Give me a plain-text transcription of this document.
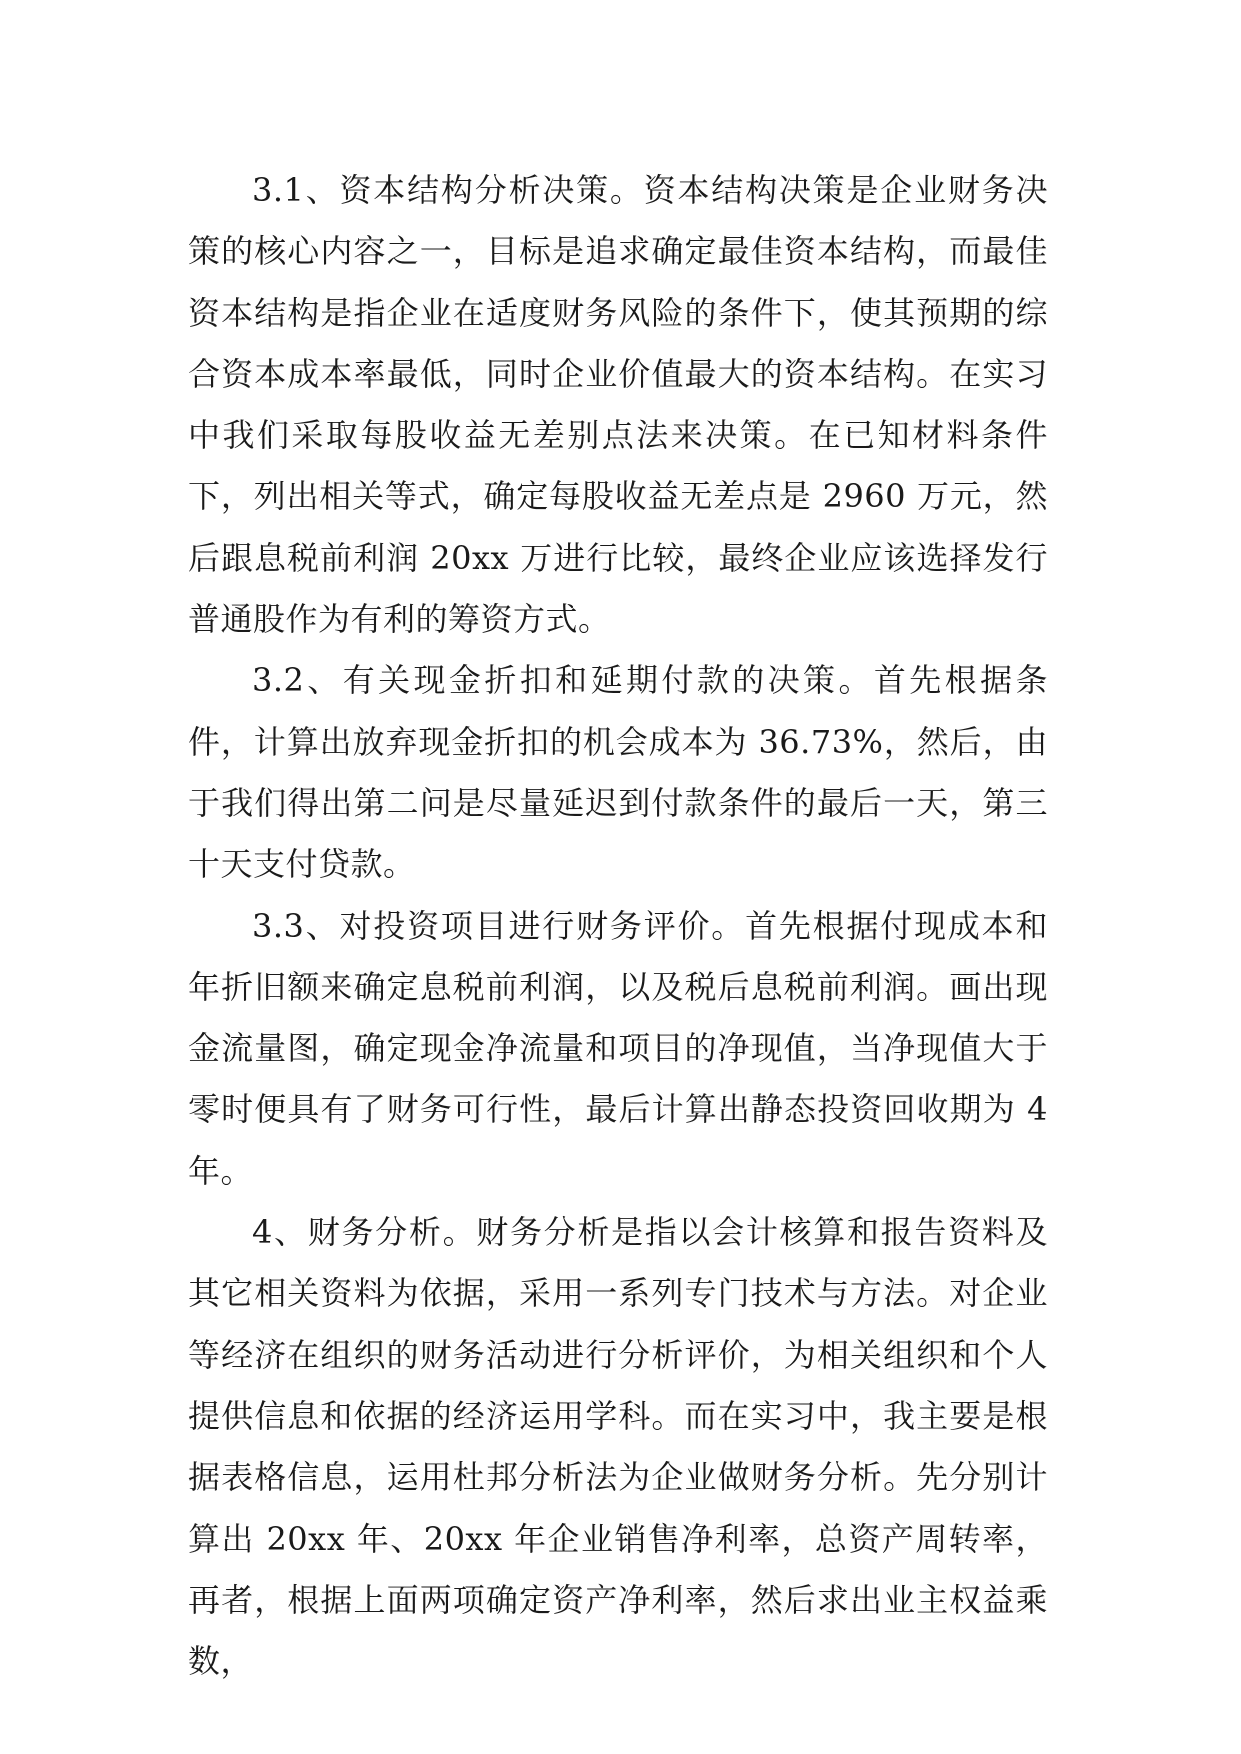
3.1、资本结构分析决策。资本结构决策是企业财务决策的核心内容之一，目标是追求确定最佳资本结构，而最佳资本结构是指企业在适度财务风险的条件下，使其预期的综合资本成本率最低，同时企业价值最大的资本结构。在实习中我们采取每股收益无差别点法来决策。在已知材料条件下，列出相关等式，确定每股收益无差点是 2960 万元，然后跟息税前利润 20xx 万进行比较，最终企业应该选择发行普通股作为有利的筹资方式。

3.2、有关现金折扣和延期付款的决策。首先根据条件，计算出放弃现金折扣的机会成本为 36.73%，然后，由于我们得出第二问是尽量延迟到付款条件的最后一天，第三十天支付贷款。

3.3、对投资项目进行财务评价。首先根据付现成本和年折旧额来确定息税前利润，以及税后息税前利润。画出现金流量图，确定现金净流量和项目的净现值，当净现值大于零时便具有了财务可行性，最后计算出静态投资回收期为 4 年。

4、财务分析。财务分析是指以会计核算和报告资料及其它相关资料为依据，采用一系列专门技术与方法。对企业等经济在组织的财务活动进行分析评价，为相关组织和个人提供信息和依据的经济运用学科。而在实习中，我主要是根据表格信息，运用杜邦分析法为企业做财务分析。先分别计算出 20xx 年、20xx 年企业销售净利率，总资产周转率，再者，根据上面两项确定资产净利率，然后求出业主权益乘数，
